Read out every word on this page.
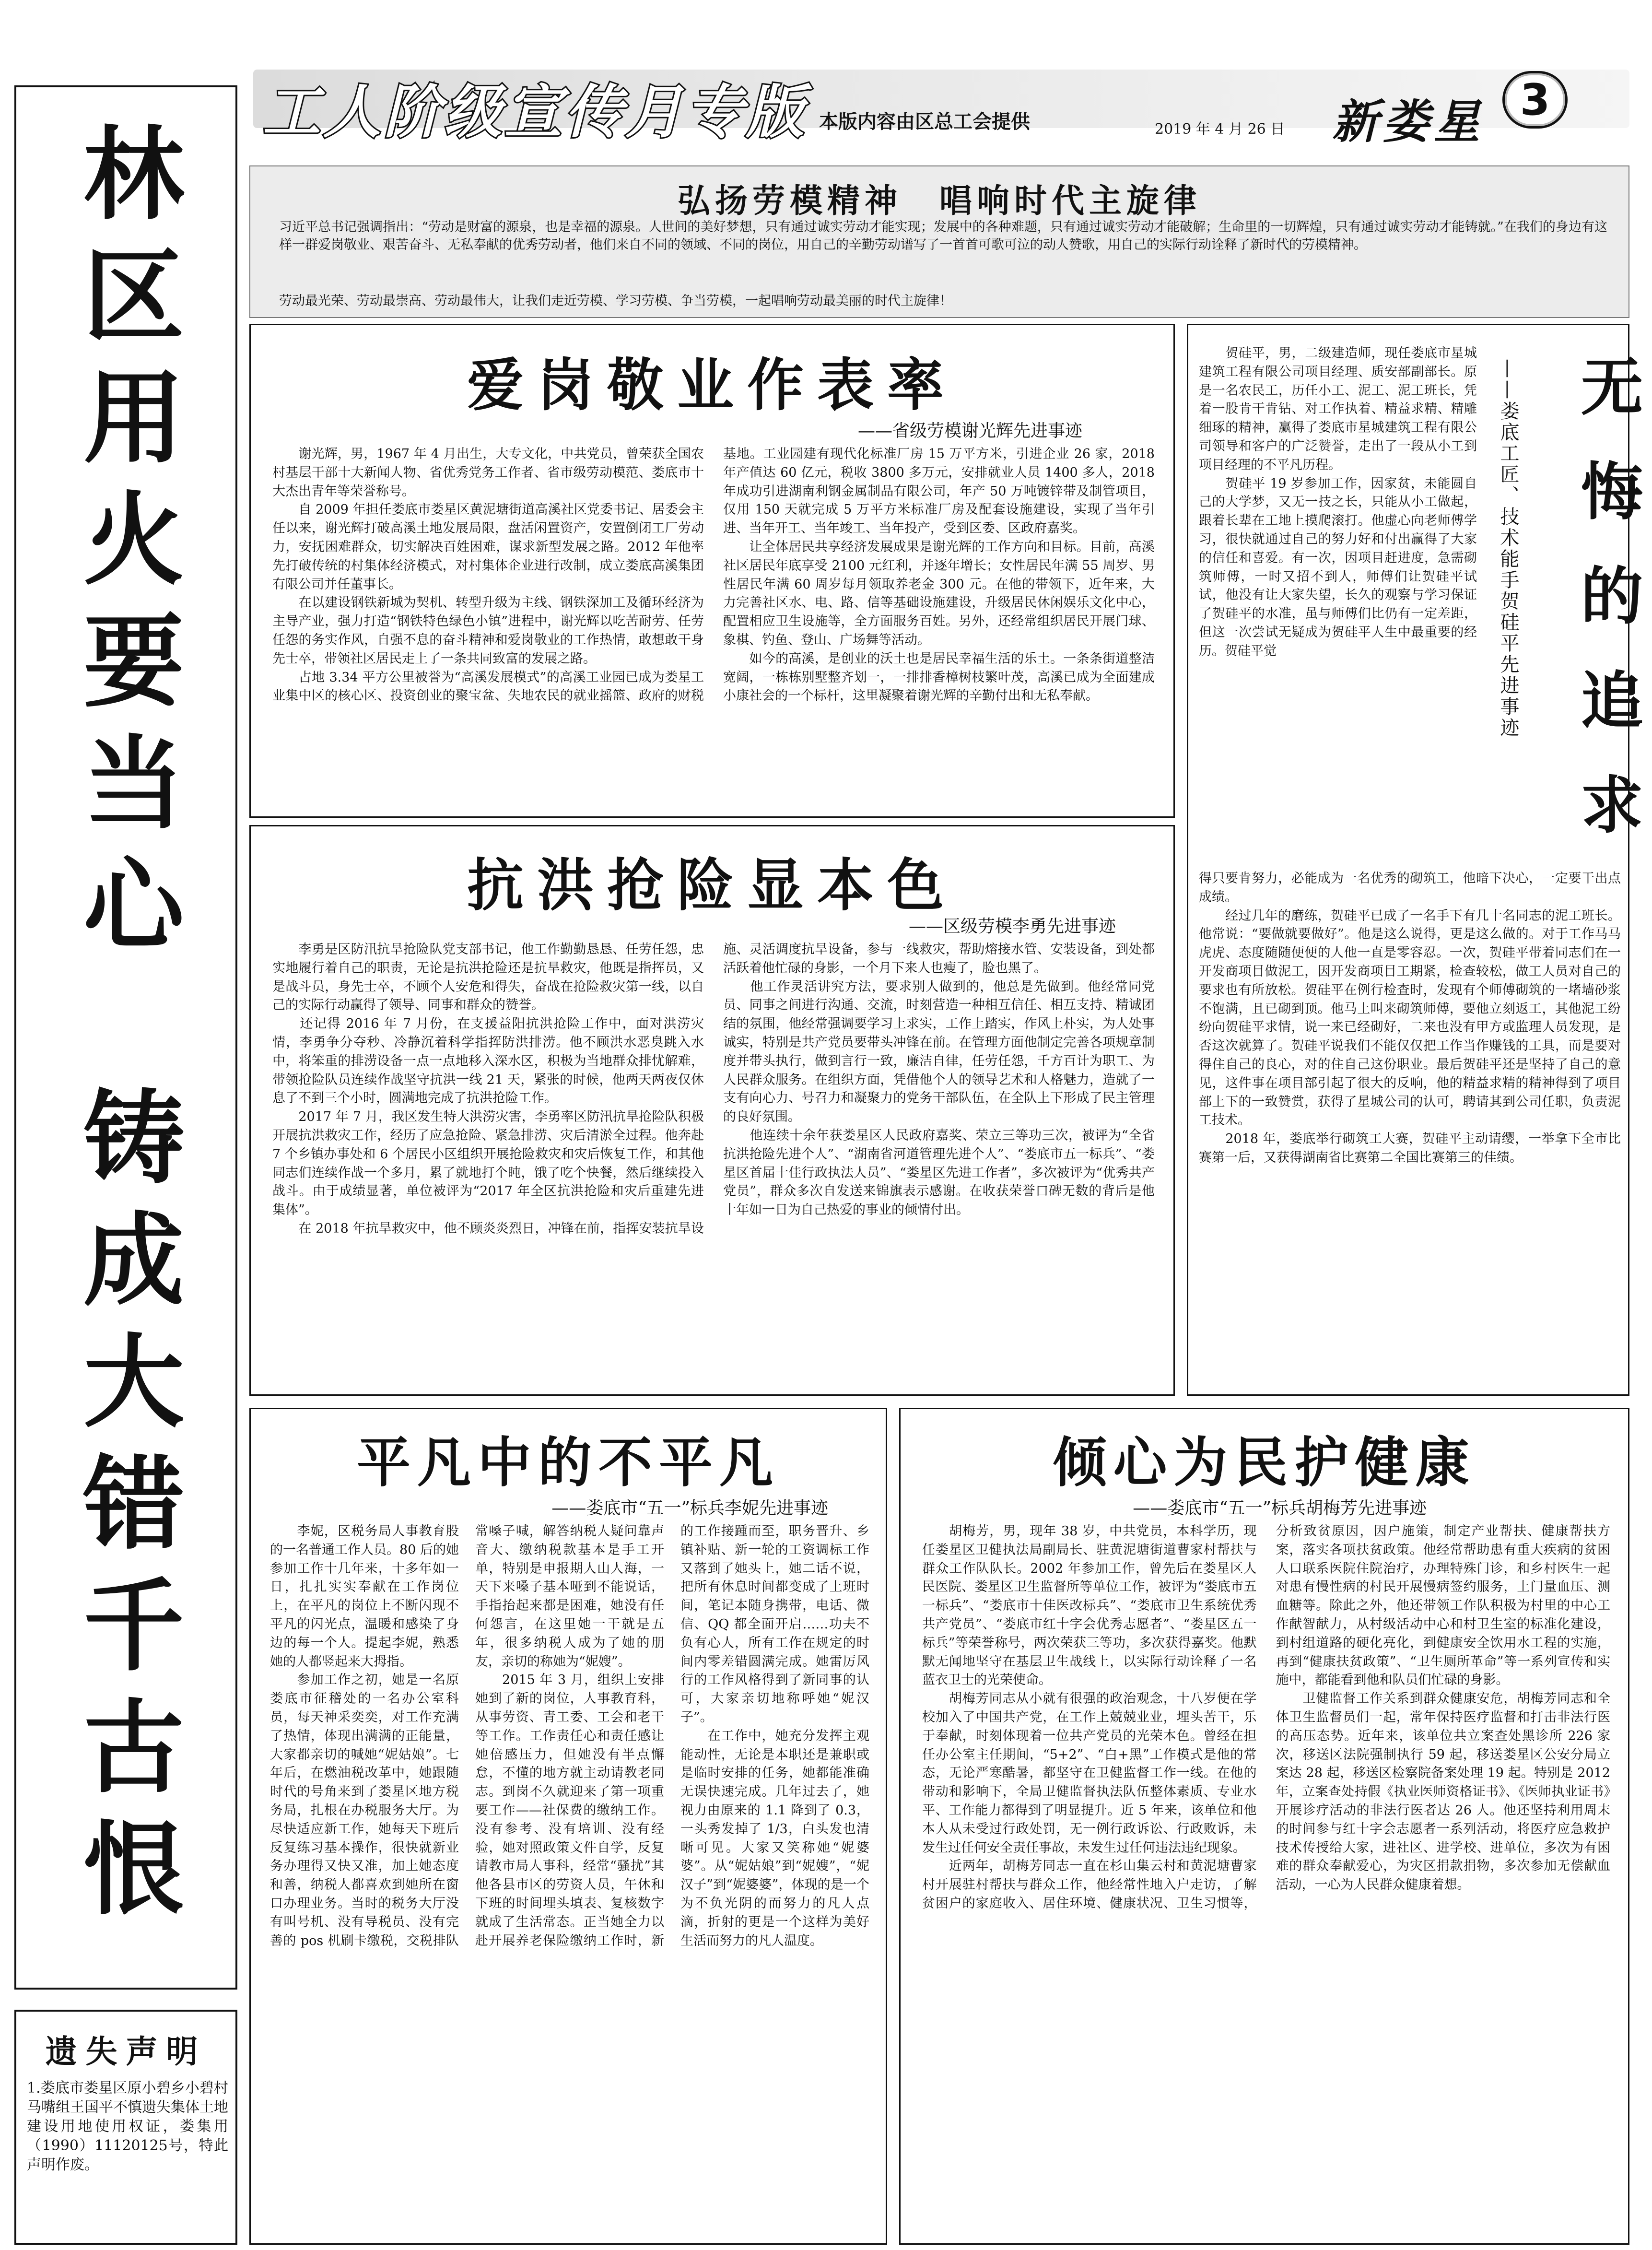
工人阶级宣传月专版 本版内容由区总工会提供	2019 年 4 月 26 日 新娄星 3
林区用火要当心
铸成大错千古恨
遗失声明
1.娄底市娄星区原小碧乡小碧村马嘴组王国平不慎遗失集体土地建设用地使用权证，娄集用（1990）11120125号，特此声明作废。
弘扬劳模精神　唱响时代主旋律
习近平总书记强调指出：“劳动是财富的源泉，也是幸福的源泉。人世间的美好梦想，只有通过诚实劳动才能实现；发展中的各种难题，只有通过诚实劳动才能破解；生命里的一切辉煌，只有通过诚实劳动才能铸就。”在我们的身边有这样一群爱岗敬业、艰苦奋斗、无私奉献的优秀劳动者，他们来自不同的领域、不同的岗位，用自己的辛勤劳动谱写了一首首可歌可泣的动人赞歌，用自己的实际行动诠释了新时代的劳模精神。
劳动最光荣、劳动最崇高、劳动最伟大，让我们走近劳模、学习劳模、争当劳模，一起唱响劳动最美丽的时代主旋律！
爱岗敬业作表率
——省级劳模谢光辉先进事迹
　　谢光辉，男，1967 年 4 月出生，大专文化，中共党员，曾荣获全国农村基层干部十大新闻人物、省优秀党务工作者、省市级劳动模范、娄底市十大杰出青年等荣誉称号。
　　自 2009 年担任娄底市娄星区黄泥塘街道高溪社区党委书记、居委会主任以来，谢光辉打破高溪土地发展局限，盘活闲置资产，安置倒闭工厂劳动力，安抚困难群众，切实解决百姓困难，谋求新型发展之路。2012 年他率先打破传统的村集体经济模式，对村集体企业进行改制，成立娄底高溪集团有限公司并任董事长。
　　在以建设钢铁新城为契机、转型升级为主线、钢铁深加工及循环经济为主导产业，强力打造“钢铁特色绿色小镇”进程中，谢光辉以吃苦耐劳、任劳任怨的务实作风，自强不息的奋斗精神和爱岗敬业的工作热情，敢想敢干身先士卒，带领社区居民走上了一条共同致富的发展之路。
　　占地 3.34 平方公里被誉为“高溪发展模式”的高溪工业园已成为娄星工业集中区的核心区、投资创业的聚宝盆、失地农民的就业摇篮、政府的财税基地。工业园建有现代化标准厂房 15 万平方米，引进企业 26 家，2018 年产值达 60 亿元，税收 3800 多万元，安排就业人员 1400 多人，2018 年成功引进湖南利钢金属制品有限公司，年产 50 万吨镀锌带及制管项目，仅用 150 天就完成 5 万平方米标准厂房及配套设施建设，实现了当年引进、当年开工、当年竣工、当年投产，受到区委、区政府嘉奖。
　　让全体居民共享经济发展成果是谢光辉的工作方向和目标。目前，高溪社区居民年底享受 2100 元红利，并逐年增长；女性居民年满 55 周岁、男性居民年满 60 周岁每月领取养老金 300 元。在他的带领下，近年来，大力完善社区水、电、路、信等基础设施建设，升级居民休闲娱乐文化中心，配置相应卫生设施等，全方面服务百姓。另外，还经常组织居民开展门球、象棋、钓鱼、登山、广场舞等活动。
　　如今的高溪，是创业的沃土也是居民幸福生活的乐土。一条条街道整洁宽阔，一栋栋别墅整齐划一，一排排香樟树枝繁叶茂，高溪已成为全面建成小康社会的一个标杆，这里凝聚着谢光辉的辛勤付出和无私奉献。
抗洪抢险显本色
——区级劳模李勇先进事迹
　　李勇是区防汛抗旱抢险队党支部书记，他工作勤勤恳恳、任劳任怨，忠实地履行着自己的职责，无论是抗洪抢险还是抗旱救灾，他既是指挥员，又是战斗员，身先士卒，不顾个人安危和得失，奋战在抢险救灾第一线，以自己的实际行动赢得了领导、同事和群众的赞誉。
　　还记得 2016 年 7 月份，在支援益阳抗洪抢险工作中，面对洪涝灾情，李勇争分夺秒、冷静沉着科学指挥防洪排涝。他不顾洪水恶臭跳入水中，将笨重的排涝设备一点一点地移入深水区，积极为当地群众排忧解难，带领抢险队员连续作战坚守抗洪一线 21 天，紧张的时候，他两天两夜仅休息了不到三个小时，圆满地完成了抗洪抢险工作。
　　2017 年 7 月，我区发生特大洪涝灾害，李勇率区防汛抗旱抢险队积极开展抗洪救灾工作，经历了应急抢险、紧急排涝、灾后清淤全过程。他奔赴 7 个乡镇办事处和 6 个居民小区组织开展抢险救灾和灾后恢复工作，和其他同志们连续作战一个多月，累了就地打个盹，饿了吃个快餐，然后继续投入战斗。由于成绩显著，单位被评为“2017 年全区抗洪抢险和灾后重建先进集体”。
　　在 2018 年抗旱救灾中，他不顾炎炎烈日，冲锋在前，指挥安装抗旱设施、灵活调度抗旱设备，参与一线救灾，帮助熔接水管、安装设备，到处都活跃着他忙碌的身影，一个月下来人也瘦了，脸也黑了。
　　他工作灵活讲究方法，要求别人做到的，他总是先做到。他经常同党员、同事之间进行沟通、交流，时刻营造一种相互信任、相互支持、精诚团结的氛围，他经常强调要学习上求实，工作上踏实，作风上朴实，为人处事诚实，特别是共产党员要带头冲锋在前。在管理方面他制定完善各项规章制度并带头执行，做到言行一致，廉洁自律，任劳任怨，千方百计为职工、为人民群众服务。在组织方面，凭借他个人的领导艺术和人格魅力，造就了一支有向心力、号召力和凝聚力的党务干部队伍，在全队上下形成了民主管理的良好氛围。
　　他连续十余年获娄星区人民政府嘉奖、荣立三等功三次，被评为“全省抗洪抢险先进个人”、“湖南省河道管理先进个人”、“娄底市五一标兵”、“娄星区首届十佳行政执法人员”、“娄星区先进工作者”，多次被评为“优秀共产党员”，群众多次自发送来锦旗表示感谢。在收获荣誉口碑无数的背后是他十年如一日为自己热爱的事业的倾情付出。
　　贺硅平，男，二级建造师，现任娄底市星城建筑工程有限公司项目经理、质安部副部长。原是一名农民工，历任小工、泥工、泥工班长，凭着一股肯干肯钻、对工作执着、精益求精、精雕细琢的精神，赢得了娄底市星城建筑工程有限公司领导和客户的广泛赞誉，走出了一段从小工到项目经理的不平凡历程。
　　贺硅平 19 岁参加工作，因家贫，未能圆自己的大学梦，又无一技之长，只能从小工做起，跟着长辈在工地上摸爬滚打。他虚心向老师傅学习，很快就通过自己的努力好和付出赢得了大家的信任和喜爱。有一次，因项目赶进度，急需砌筑师傅，一时又招不到人，师傅们让贺硅平试试，他没有让大家失望，长久的观察与学习保证了贺硅平的水准，虽与师傅们比仍有一定差距，但这一次尝试无疑成为贺硅平人生中最重要的经历。贺硅平觉	无悔的追求
——娄底工匠、技术能手贺硅平先进事迹
得只要肯努力，必能成为一名优秀的砌筑工，他暗下决心，一定要干出点成绩。
　　经过几年的磨练，贺硅平已成了一名手下有几十名同志的泥工班长。他常说：“要做就要做好”。他是这么说得，更是这么做的。对于工作马马虎虎、态度随随便便的人他一直是零容忍。一次，贺硅平带着同志们在一开发商项目做泥工，因开发商项目工期紧，检查较松，做工人员对自己的要求也有所放松。贺硅平在例行检查时，发现有个师傅砌筑的一堵墙砂浆不饱满，且已砌到顶。他马上叫来砌筑师傅，要他立刻返工，其他泥工纷纷向贺硅平求情，说一来已经砌好，二来也没有甲方或监理人员发现，是否这次就算了。贺硅平说我们不能仅仅把工作当作赚钱的工具，而是要对得住自己的良心，对的住自己这份职业。最后贺硅平还是坚持了自己的意见，这件事在项目部引起了很大的反响，他的精益求精的精神得到了项目部上下的一致赞赏，获得了星城公司的认可，聘请其到公司任职，负责泥工技术。
　　2018 年，娄底举行砌筑工大赛，贺硅平主动请缨，一举拿下全市比赛第一后，又获得湖南省比赛第二全国比赛第三的佳绩。
平凡中的不平凡
——娄底市“五一”标兵李妮先进事迹
　　李妮，区税务局人事教育股的一名普通工作人员。80 后的她参加工作十几年来，十多年如一日，扎扎实实奉献在工作岗位上，在平凡的岗位上不断闪现不平凡的闪光点，温暖和感染了身边的每一个人。提起李妮，熟悉她的人都竖起来大拇指。
　　参加工作之初，她是一名原娄底市征稽处的一名办公室科员，每天神采奕奕，对工作充满了热情，体现出满满的正能量，大家都亲切的喊她“妮姑娘”。七年后，在燃油税改革中，她跟随时代的号角来到了娄星区地方税务局，扎根在办税服务大厅。为尽快适应新工作，她每天下班后反复练习基本操作，很快就新业务办理得又快又准，加上她态度和善，纳税人都喜欢到她所在窗口办理业务。当时的税务大厅没有叫号机、没有导税员、没有完善的 pos 机刷卡缴税，交税排队常嗓子喊，解答纳税人疑问靠声音大、缴纳税款基本是手工开单，特别是申报期人山人海，一天下来嗓子基本哑到不能说话，手指抬起来都是困难，她没有任何怨言，在这里她一干就是五年，很多纳税人成为了她的朋友，亲切的称她为“妮嫂”。
　　2015 年 3 月，组织上安排她到了新的岗位，人事教育科，从事劳资、青工委、工会和老干等工作。工作责任心和责任感让她倍感压力，但她没有半点懈怠，不懂的地方就主动请教老同志。到岗不久就迎来了第一项重要工作——社保费的缴纳工作。没有参考、没有培训、没有经验，她对照政策文件自学，反复请教市局人事科，经常“骚扰”其他各县市区的劳资人员，午休和下班的时间埋头填表、复核数字就成了生活常态。正当她全力以赴开展养老保险缴纳工作时，新的工作接踵而至，职务晋升、乡镇补贴、新一轮的工资调标工作又落到了她头上，她二话不说，把所有休息时间都变成了上班时间，笔记本随身携带，电话、微信、QQ 都全面开启……功夫不负有心人，所有工作在规定的时间内零差错圆满完成。她雷厉风行的工作风格得到了新同事的认可，大家亲切地称呼她“妮汉子”。
　　在工作中，她充分发挥主观能动性，无论是本职还是兼职或是临时安排的任务，她都能准确无误快速完成。几年过去了，她视力由原来的 1.1 降到了 0.3，一头秀发掉了 1/3，白头发也清晰可见。大家又笑称她“妮婆婆”。从“妮姑娘”到“妮嫂”，“妮汉子”到“妮婆婆”，体现的是一个为不负光阴的而努力的凡人点滴，折射的更是一个这样为美好生活而努力的凡人温度。
倾心为民护健康
——娄底市“五一”标兵胡梅芳先进事迹
　　胡梅芳，男，现年 38 岁，中共党员，本科学历，现任娄星区卫健执法局副局长、驻黄泥塘街道曹家村帮扶与群众工作队队长。2002 年参加工作，曾先后在娄星区人民医院、娄星区卫生监督所等单位工作，被评为“娄底市五一标兵”、“娄底市十佳医改标兵”、“娄底市卫生系统优秀共产党员”、“娄底市红十字会优秀志愿者”、“娄星区五一标兵”等荣誉称号，两次荣获三等功，多次获得嘉奖。他默默无闻地坚守在基层卫生战线上，以实际行动诠释了一名蓝衣卫士的光荣使命。
　　胡梅芳同志从小就有很强的政治观念，十八岁便在学校加入了中国共产党，在工作上兢兢业业，埋头苦干，乐于奉献，时刻体现着一位共产党员的光荣本色。曾经在担任办公室主任期间，“5+2”、“白+黑”工作模式是他的常态，无论严寒酷暑，都坚守在卫健监督工作一线。在他的带动和影响下，全局卫健监督执法队伍整体素质、专业水平、工作能力都得到了明显提升。近 5 年来，该单位和他本人从未受过行政处罚，无一例行政诉讼、行政败诉，未发生过任何安全责任事故，未发生过任何违法违纪现象。
　　近两年，胡梅芳同志一直在杉山集云村和黄泥塘曹家村开展驻村帮扶与群众工作，他经常性地入户走访，了解贫困户的家庭收入、居住环境、健康状况、卫生习惯等，分析致贫原因，因户施策，制定产业帮扶、健康帮扶方案，落实各项扶贫政策。他经常帮助患有重大疾病的贫困人口联系医院住院治疗，办理特殊门诊，和乡村医生一起对患有慢性病的村民开展慢病签约服务，上门量血压、测血糖等。除此之外，他还带领工作队积极为村里的中心工作献智献力，从村级活动中心和村卫生室的标准化建设，到村组道路的硬化亮化，到健康安全饮用水工程的实施，再到“健康扶贫政策”、“卫生厕所革命”等一系列宣传和实施中，都能看到他和队员们忙碌的身影。
　　卫健监督工作关系到群众健康安危，胡梅芳同志和全体卫生监督员们一起，常年保持医疗监督和打击非法行医的高压态势。近年来，该单位共立案查处黑诊所 226 家次，移送区法院强制执行 59 起，移送娄星区公安分局立案达 28 起，移送区检察院备案处理 19 起。特别是 2012 年，立案查处持假《执业医师资格证书》、《医师执业证书》开展诊疗活动的非法行医者达 26 人。他还坚持利用周末的时间参与红十字会志愿者一系列活动，将医疗应急救护技术传授给大家，进社区、进学校、进单位，多次为有困难的群众奉献爱心，为灾区捐款捐物，多次参加无偿献血活动，一心为人民群众健康着想。
